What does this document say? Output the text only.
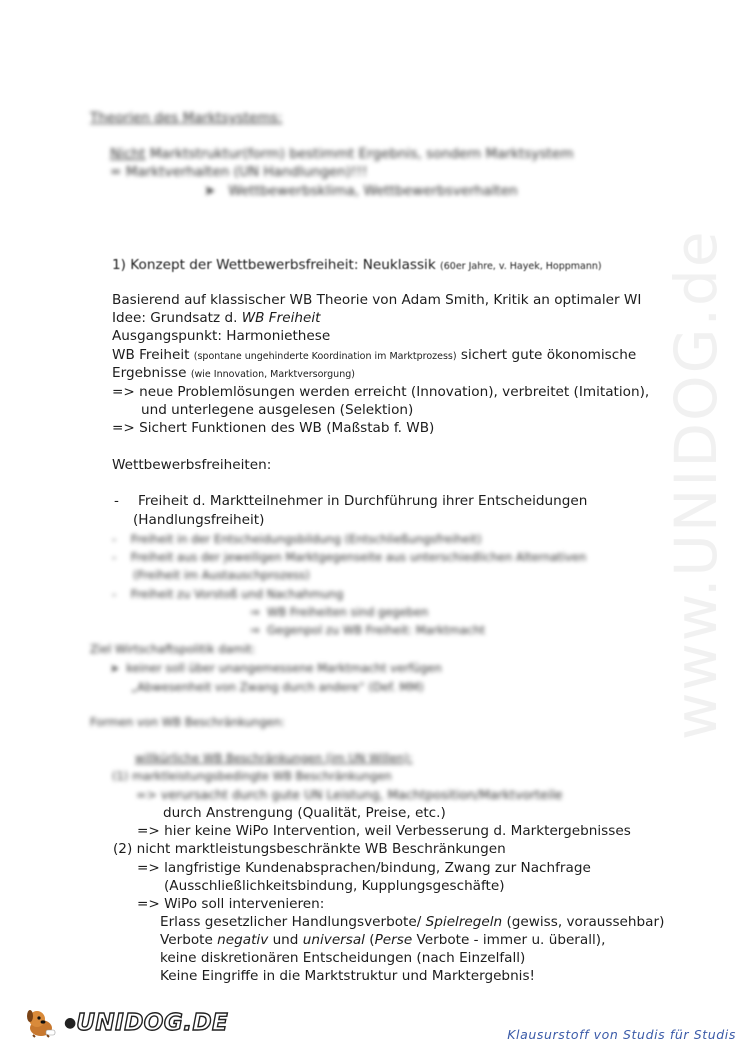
www.UNIDOG.de
Theorien des Marktsystems:
Nicht Marktstruktur(form) bestimmt Ergebnis, sondern Marktsystem
= Marktverhalten (UN Handlungen)!!!
➤   Wettbewerbsklima, Wettbewerbsverhalten
1) Konzept der Wettbewerbsfreiheit: Neuklassik (60er Jahre, v. Hayek, Hoppmann)
Basierend auf klassischer WB Theorie von Adam Smith, Kritik an optimaler WI
Idee: Grundsatz d. WB Freiheit
Ausgangspunkt: Harmoniethese
WB Freiheit (spontane ungehinderte Koordination im Marktprozess) sichert gute ökonomische
Ergebnisse (wie Innovation, Marktversorgung)
=> neue Problemlösungen werden erreicht (Innovation), verbreitet (Imitation),
und unterlegene ausgelesen (Selektion)
=> Sichert Funktionen des WB (Maßstab f. WB)
Wettbewerbsfreiheiten:
- Freiheit d. Marktteilnehmer in Durchführung ihrer Entscheidungen
(Handlungsfreiheit)
-    Freiheit in der Entscheidungsbildung (Entschließungsfreiheit)
-    Freiheit aus der jeweiligen Marktgegenseite aus unterschiedlichen Alternativen
(Freiheit im Austauschprozess)
-    Freiheit zu Vorstoß und Nachahmung
⇒  WB Freiheiten sind gegeben
⇒  Gegenpol zu WB Freiheit: Marktmacht
Ziel Wirtschaftspolitik damit:
➤  keiner soll über unangemessene Marktmacht verfügen
„Abwesenheit von Zwang durch andere“ (Def. MM)
Formen von WB Beschränkungen:
willkürliche WB Beschränkungen (im UN Willen):
(1) marktleistungsbedingte WB Beschränkungen
=> verursacht durch gute UN Leistung, Machtposition/Marktvorteile
durch Anstrengung (Qualität, Preise, etc.)
=> hier keine WiPo Intervention, weil Verbesserung d. Marktergebnisses
(2) nicht marktleistungsbeschränkte WB Beschränkungen
=> langfristige Kundenabsprachen/bindung, Zwang zur Nachfrage
(Ausschließlichkeitsbindung, Kupplungsgeschäfte)
=> WiPo soll intervenieren:
Erlass gesetzlicher Handlungsverbote/ Spielregeln (gewiss, voraussehbar)
Verbote negativ und universal (Perse Verbote - immer u. überall),
keine diskretionären Entscheidungen (nach Einzelfall)
Keine Eingriffe in die Marktstruktur und Marktergebnis!
● UNIDOG.DE	Klausurstoff von Studis für Studis
